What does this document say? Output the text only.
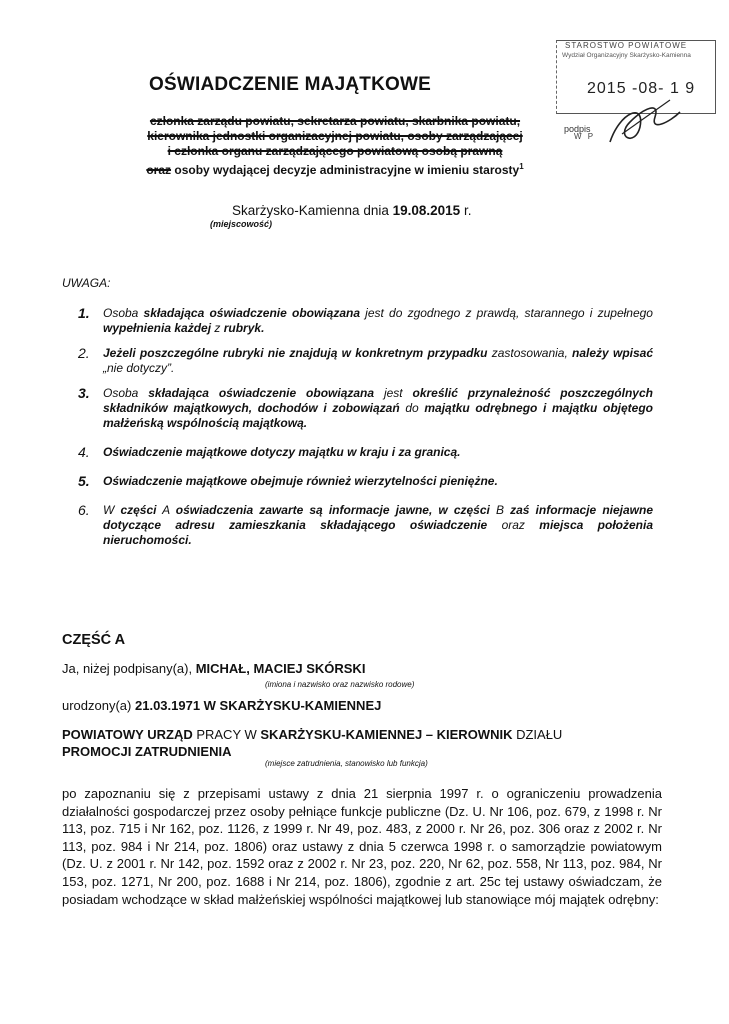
STAROSTWO POWIATOWE
Wydział Organizacyjny Skarżysko-Kamienna
2015 -08- 1 9
podpis
W P
OŚWIADCZENIE MAJĄTKOWE
członka zarządu powiatu, sekretarza powiatu, skarbnika powiatu,
kierownika jednostki organizacyjnej powiatu, osoby zarządzającej
i członka organu zarządzającego powiatową osobą prawną
oraz osoby wydającej decyzje administracyjne w imieniu starosty$^1$
Skarżysko-Kamienna dnia 19.08.2015 r.
(miejscowość)
UWAGA:
1.	Osoba składająca oświadczenie obowiązana jest do zgodnego z prawdą, starannego i zupełnego wypełnienia każdej z rubryk.
2.	Jeżeli poszczególne rubryki nie znajdują w konkretnym przypadku zastosowania, należy wpisać „nie dotyczy”.
3.	Osoba składająca oświadczenie obowiązana jest określić przynależność poszczególnych składników majątkowych, dochodów i zobowiązań do majątku odrębnego i majątku objętego małżeńską wspólnością majątkową.
4.	Oświadczenie majątkowe dotyczy majątku w kraju i za granicą.
5.	Oświadczenie majątkowe obejmuje również wierzytelności pieniężne.
6.	W części A oświadczenia zawarte są informacje jawne, w części B zaś informacje niejawne dotyczące adresu zamieszkania składającego oświadczenie oraz miejsca położenia nieruchomości.
CZĘŚĆ A
Ja, niżej podpisany(a), MICHAŁ, MACIEJ SKÓRSKI
(imiona i nazwisko oraz nazwisko rodowe)
urodzony(a) 21.03.1971 W SKARŻYSKU-KAMIENNEJ
POWIATOWY URZĄD PRACY W SKARŻYSKU-KAMIENNEJ – KIEROWNIK DZIAŁU
PROMOCJI ZATRUDNIENIA
(miejsce zatrudnienia, stanowisko lub funkcja)
po zapoznaniu się z przepisami ustawy z dnia 21 sierpnia 1997 r. o ograniczeniu prowadzenia działalności gospodarczej przez osoby pełniące funkcje publiczne (Dz. U. Nr 106, poz. 679, z 1998 r. Nr 113, poz. 715 i Nr 162, poz. 1126, z 1999 r. Nr 49, poz. 483, z 2000 r. Nr 26, poz. 306 oraz z 2002 r. Nr 113, poz. 984 i Nr 214, poz. 1806) oraz ustawy z dnia 5 czerwca 1998 r. o samorządzie powiatowym (Dz. U. z 2001 r. Nr 142, poz. 1592 oraz z 2002 r. Nr 23, poz. 220, Nr 62, poz. 558, Nr 113, poz. 984, Nr 153, poz. 1271, Nr 200, poz. 1688 i Nr 214, poz. 1806), zgodnie z art. 25c tej ustawy oświadczam, że posiadam wchodzące w skład małżeńskiej wspólności majątkowej lub stanowiące mój majątek odrębny:
